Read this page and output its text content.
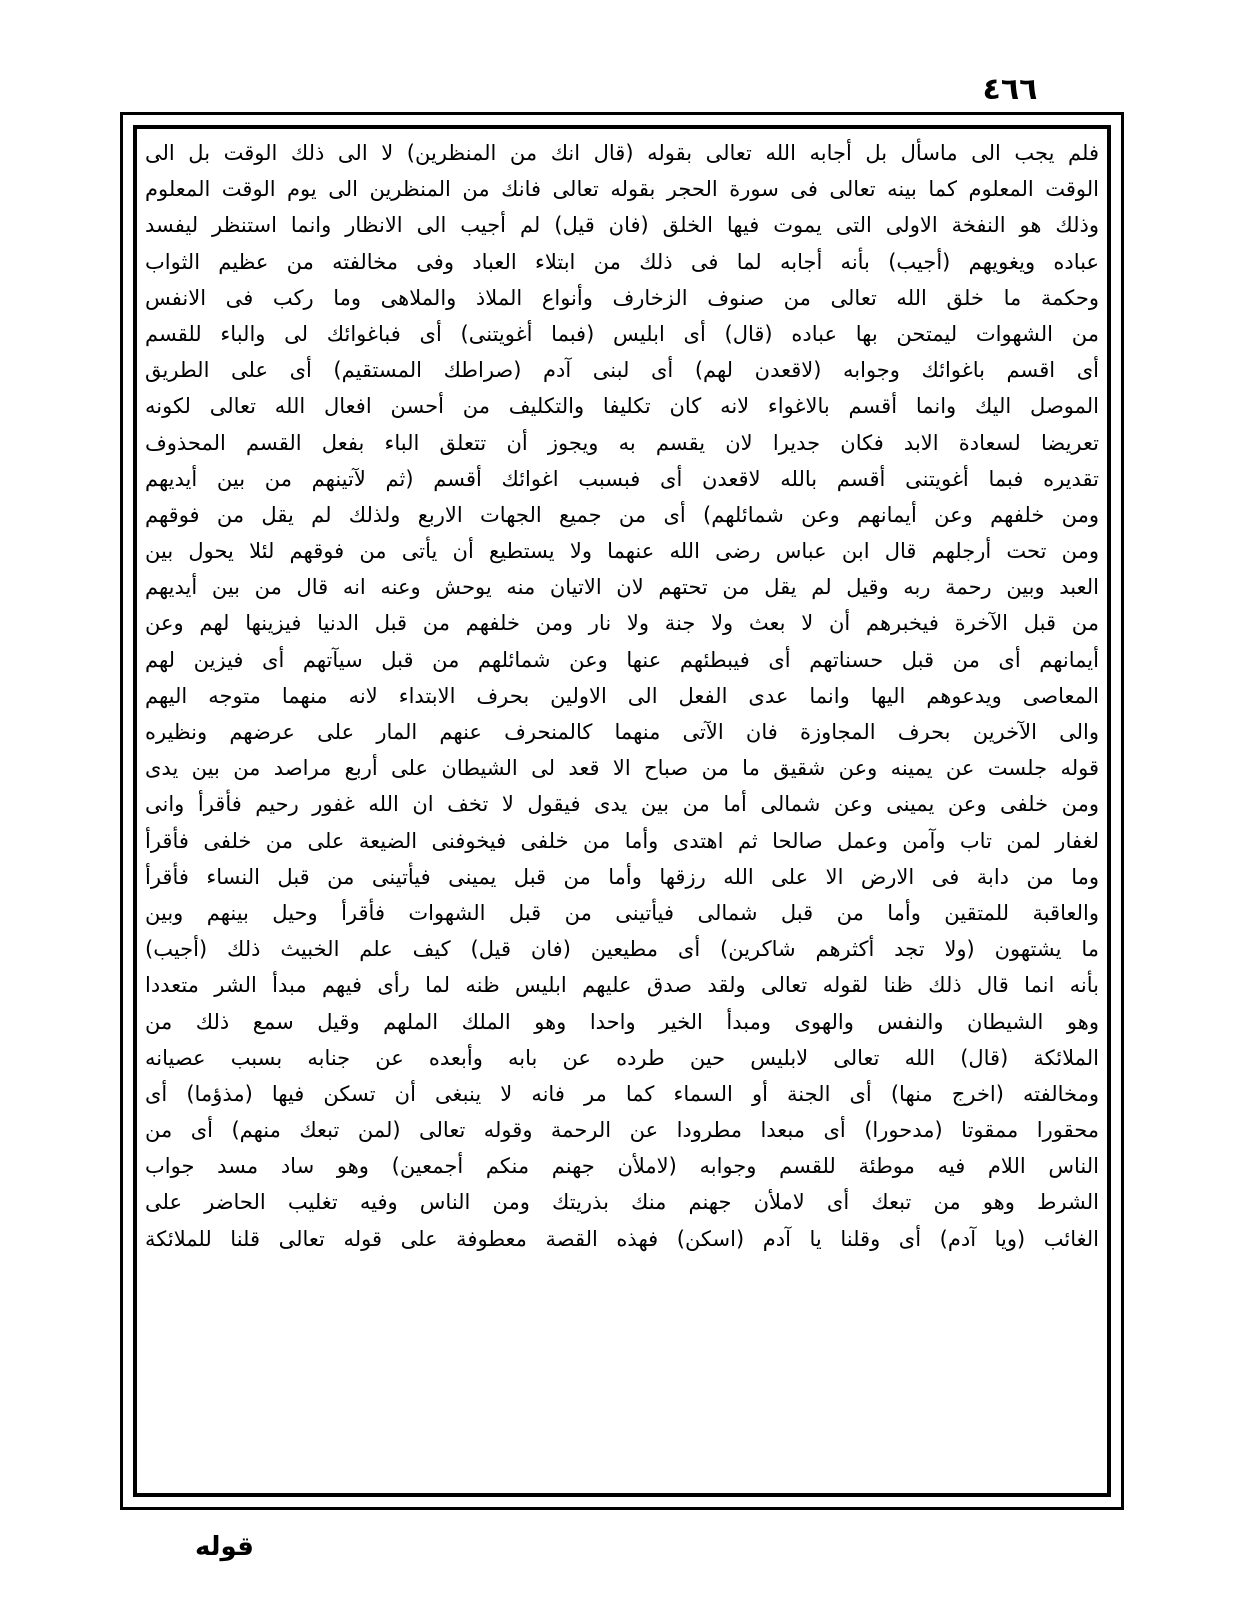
٤٦٦
فلم يجب الى ماسأل بل أجابه الله تعالى بقوله (قال انك من المنظرين) لا الى ذلك الوقت بل الى
الوقت المعلوم كما بينه تعالى فى سورة الحجر بقوله تعالى فانك من المنظرين الى يوم الوقت المعلوم
وذلك هو النفخة الاولى التى يموت فيها الخلق (فان قيل) لم أجيب الى الانظار وانما استنظر ليفسد
عباده ويغويهم (أجيب) بأنه أجابه لما فى ذلك من ابتلاء العباد وفى مخالفته من عظيم الثواب
وحكمة ما خلق الله تعالى من صنوف الزخارف وأنواع الملاذ والملاهى وما ركب فى الانفس
من الشهوات ليمتحن بها عباده (قال) أى ابليس (فبما أغويتنى) أى فباغوائك لى والباء للقسم
أى اقسم باغوائك وجوابه (لاقعدن لهم) أى لبنى آدم (صراطك المستقيم) أى على الطريق
الموصل اليك وانما أقسم بالاغواء لانه كان تكليفا والتكليف من أحسن افعال الله تعالى لكونه
تعريضا لسعادة الابد فكان جديرا لان يقسم به ويجوز أن تتعلق الباء بفعل القسم المحذوف
تقديره فبما أغويتنى أقسم بالله لاقعدن أى فبسبب اغوائك أقسم (ثم لآتينهم من بين أيديهم
ومن خلفهم وعن أيمانهم وعن شمائلهم) أى من جميع الجهات الاربع ولذلك لم يقل من فوقهم
ومن تحت أرجلهم قال ابن عباس رضى الله عنهما ولا يستطيع أن يأتى من فوقهم لئلا يحول بين
العبد وبين رحمة ربه وقيل لم يقل من تحتهم لان الاتيان منه يوحش وعنه انه قال من بين أيديهم
من قبل الآخرة فيخبرهم أن لا بعث ولا جنة ولا نار ومن خلفهم من قبل الدنيا فيزينها لهم وعن
أيمانهم أى من قبل حسناتهم أى فيبطئهم عنها وعن شمائلهم من قبل سيآتهم أى فيزين لهم
المعاصى ويدعوهم اليها وانما عدى الفعل الى الاولين بحرف الابتداء لانه منهما متوجه اليهم
والى الآخرين بحرف المجاوزة فان الآتى منهما كالمنحرف عنهم المار على عرضهم ونظيره
قوله جلست عن يمينه وعن شقيق ما من صباح الا قعد لى الشيطان على أربع مراصد من بين يدى
ومن خلفى وعن يمينى وعن شمالى أما من بين يدى فيقول لا تخف ان الله غفور رحيم فأقرأ وانى
لغفار لمن تاب وآمن وعمل صالحا ثم اهتدى وأما من خلفى فيخوفنى الضيعة على من خلفى فأقرأ
وما من دابة فى الارض الا على الله رزقها وأما من قبل يمينى فيأتينى من قبل النساء فأقرأ
والعاقبة للمتقين وأما من قبل شمالى فيأتينى من قبل الشهوات فأقرأ وحيل بينهم وبين
ما يشتهون (ولا تجد أكثرهم شاكرين) أى مطيعين (فان قيل) كيف علم الخبيث ذلك (أجيب)
بأنه انما قال ذلك ظنا لقوله تعالى ولقد صدق عليهم ابليس ظنه لما رأى فيهم مبدأ الشر متعددا
وهو الشيطان والنفس والهوى ومبدأ الخير واحدا وهو الملك الملهم وقيل سمع ذلك من
الملائكة (قال) الله تعالى لابليس حين طرده عن بابه وأبعده عن جنابه بسبب عصيانه
ومخالفته (اخرج منها) أى الجنة أو السماء كما مر فانه لا ينبغى أن تسكن فيها (مذؤما) أى
محقورا ممقوتا (مدحورا) أى مبعدا مطرودا عن الرحمة وقوله تعالى (لمن تبعك منهم) أى من
الناس اللام فيه موطئة للقسم وجوابه (لاملأن جهنم منكم أجمعين) وهو ساد مسد جواب
الشرط وهو من تبعك أى لاملأن جهنم منك بذريتك ومن الناس وفيه تغليب الحاضر على
الغائب (ويا آدم) أى وقلنا يا آدم (اسكن) فهذه القصة معطوفة على قوله تعالى قلنا للملائكة
قوله
